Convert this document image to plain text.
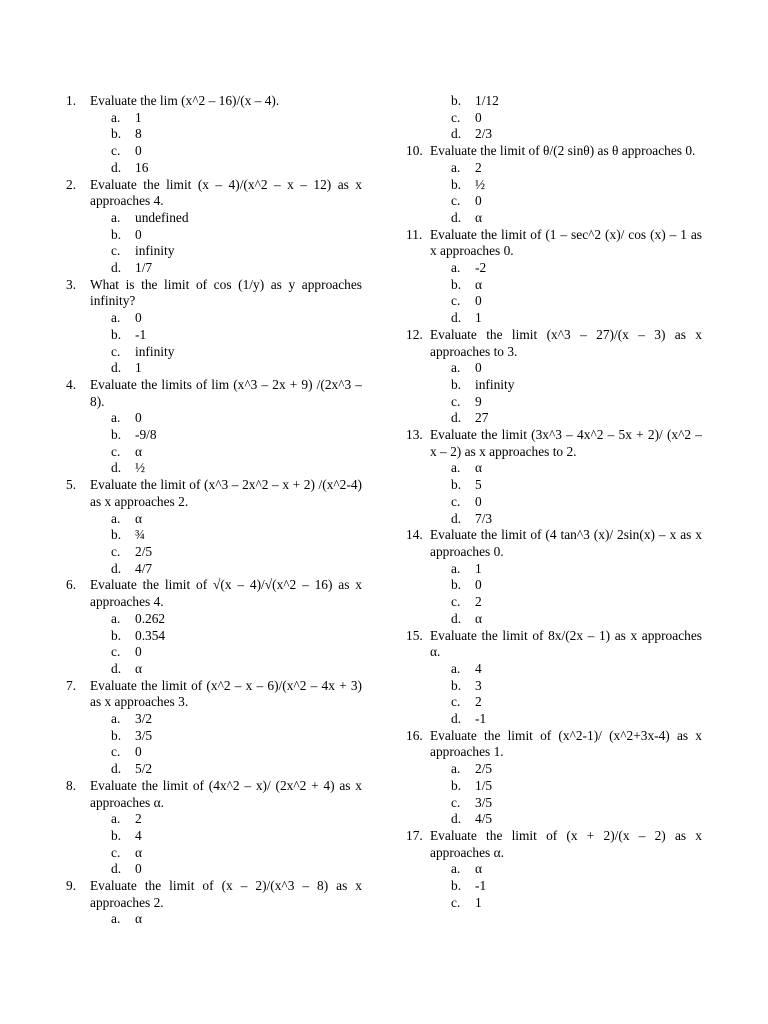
1.	Evaluate the lim (x^2 – 16)/(x – 4).
a.	1
b.	8
c.	0
d.	16
2.	Evaluate the limit (x – 4)/(x^2 – x – 12) as x approaches 4.
a.	undefined
b.	0
c.	infinity
d.	1/7
3.	What is the limit of cos (1/y) as y approaches infinity?
a.	0
b.	-1
c.	infinity
d.	1
4.	Evaluate the limits of lim (x^3 – 2x + 9) /(2x^3 – 8).
a.	0
b.	-9/8
c.	α
d.	½
5.	Evaluate the limit of (x^3 – 2x^2 – x + 2) /(x^2-4) as x approaches 2.
a.	α
b.	¾
c.	2/5
d.	4/7
6.	Evaluate the limit of √(x – 4)/√(x^2 – 16) as x approaches 4.
a.	0.262
b.	0.354
c.	0
d.	α
7.	Evaluate the limit of (x^2 – x – 6)/(x^2 – 4x + 3) as x approaches 3.
a.	3/2
b.	3/5
c.	0
d.	5/2
8.	Evaluate the limit of (4x^2 – x)/ (2x^2 + 4) as x approaches α.
a.	2
b.	4
c.	α
d.	0
9.	Evaluate the limit of (x – 2)/(x^3 – 8) as x approaches 2.
a.	α
b.	1/12
c.	0
d.	2/3
10. Evaluate the limit of θ/(2 sinθ) as θ approaches 0.
a.	2
b.	½
c.	0
d.	α
11. Evaluate the limit of (1 – sec^2 (x)/ cos (x) – 1 as x approaches 0.
a.	-2
b.	α
c.	0
d.	1
12. Evaluate the limit (x^3 – 27)/(x – 3) as x approaches to 3.
a.	0
b.	infinity
c.	9
d.	27
13. Evaluate the limit (3x^3 – 4x^2 – 5x + 2)/ (x^2 – x – 2) as x approaches to 2.
a.	α
b.	5
c.	0
d.	7/3
14. Evaluate the limit of (4 tan^3 (x)/ 2sin(x) – x as x approaches 0.
a.	1
b.	0
c.	2
d.	α
15. Evaluate the limit of 8x/(2x – 1) as x approaches α.
a.	4
b.	3
c.	2
d.	-1
16. Evaluate the limit of (x^2-1)/ (x^2+3x-4) as x approaches 1.
a.	2/5
b.	1/5
c.	3/5
d.	4/5
17. Evaluate the limit of (x + 2)/(x – 2) as x approaches α.
a.	α
b.	-1
c.	1
